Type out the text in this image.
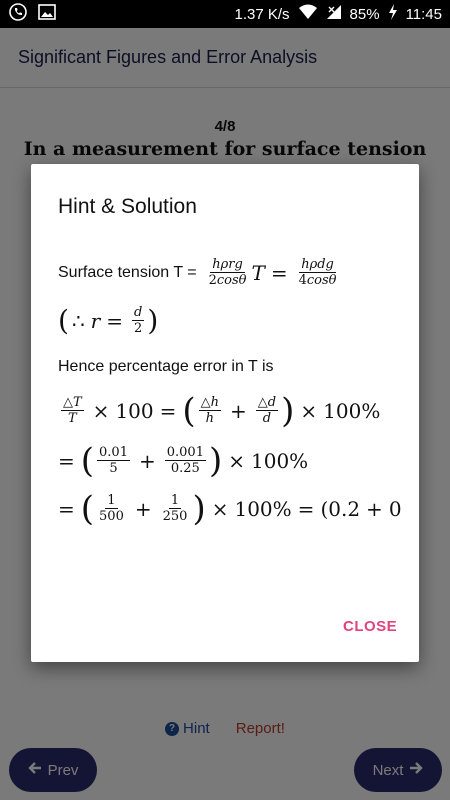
1.37 K/s	85% 11:45
Hint & Solution
Surface tension $T = \frac{\text{hρrg}}{2\cos\theta}$ $T = \frac{\text{hρdg}}{4\cos\theta}$
( ∴ $r = \frac{d}{2}$ )
Hence percentage error in T is
$\frac{\triangle T}{T} \times 100$ = ( $\frac{\triangle h}{h} + \frac{\triangle d}{d}$ ) × 100%
= ( $\frac{0.01}{5} + \frac{0.001}{0.25}$ ) × 100%
= ( $\frac{1}{500} + \frac{1}{250}$ ) × 100% = (0.2 + 0
CLOSE
